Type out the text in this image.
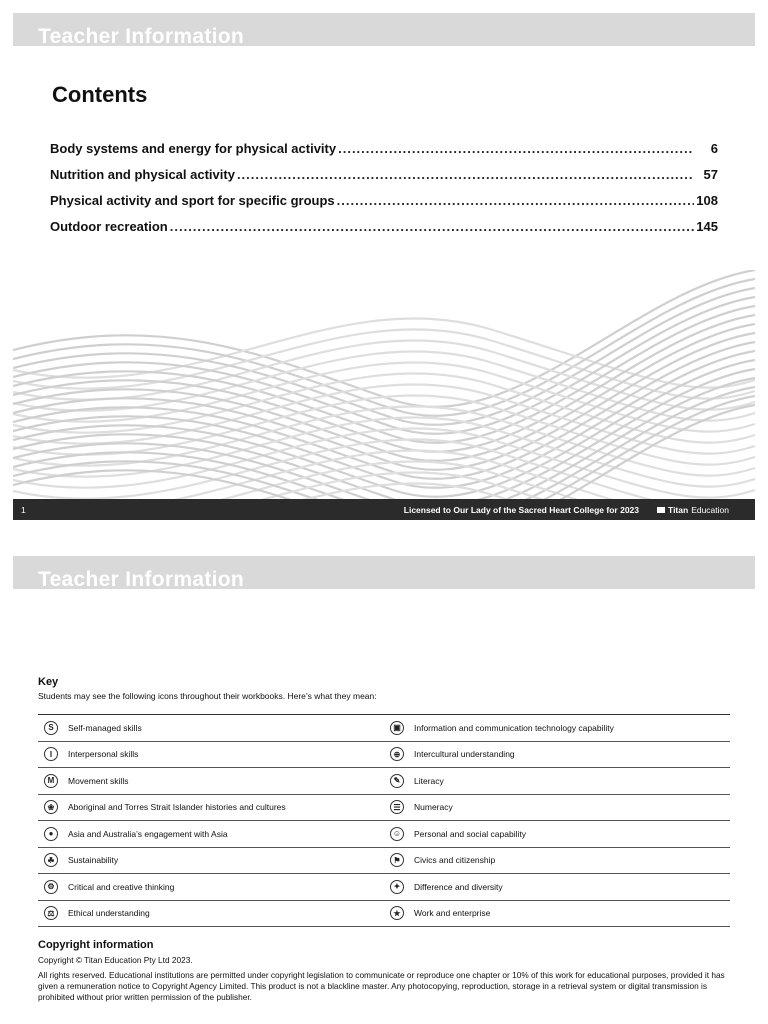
Teacher Information
Contents
Body systems and energy for physical activity .....	6
Nutrition and physical activity .....	57
Physical activity and sport for specific groups .....	108
Outdoor recreation .....	145
1	Licensed to Our Lady of the Sacred Heart College for 2023	Titan Education
Teacher Information
Key
Students may see the following icons throughout their workbooks. Here’s what they mean:
S	Self-managed skills	▣	Information and communication technology capability
I	Interpersonal skills	⊕	Intercultural understanding
M	Movement skills	✎	Literacy
❀	Aboriginal and Torres Strait Islander histories and cultures	☰	Numeracy
●	Asia and Australia’s engagement with Asia	☺	Personal and social capability
☘	Sustainability	⚑	Civics and citizenship
⚙	Critical and creative thinking	✦	Difference and diversity
⚖	Ethical understanding	★	Work and enterprise
Copyright information
Copyright © Titan Education Pty Ltd 2023.
All rights reserved. Educational institutions are permitted under copyright legislation to communicate or reproduce one chapter or 10% of this work for educational purposes, provided it has given a remuneration notice to Copyright Agency Limited. This product is not a blackline master. Any photocopying, reproduction, storage in a retrieval system or digital transmission is prohibited without prior written permission of the publisher.
